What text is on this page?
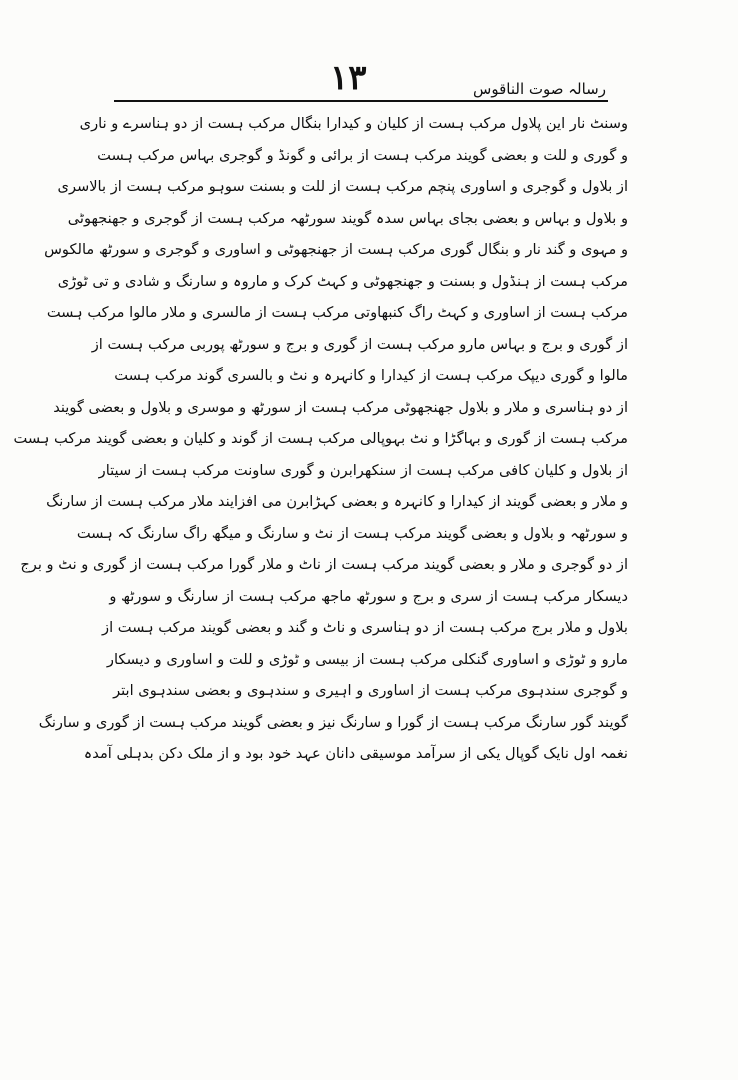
۱۳	رسالہ صوت الناقوس
وسنٹ نار این پلاول مرکب ہست از کلیان و کیدارا بنگال مرکب ہست از دو ہناسرے و ناری
و گوری و للت و بعضی گویند مرکب ہست از برائی و گونڈ و گوجری بہاس مرکب ہست
از بلاول و گوجری و اساوری پنچم مرکب ہست از للت و بسنت سوہو مرکب ہست از بالاسری
و بلاول و بہاس و بعضی بجای بہاس سدہ گویند سورٹھہ مرکب ہست از گوجری و جھنجھوٹی
و مہوی و گند نار و بنگال گوری مرکب ہست از جھنجھوٹی و اساوری و گوجری و سورٹھ مالکوس
مرکب ہست از ہنڈول و بسنت و جھنجھوٹی و کہٹ کرک و ماروہ و سارنگ و شادی و تی ٹوڑی
مرکب ہست از اساوری و کہٹ راگ کنبھاوتی مرکب ہست از مالسری و ملار مالوا مرکب ہست
از گوری و برج و بہاس مارو مرکب ہست از گوری و برج و سورٹھ پوربی مرکب ہست از
مالوا و گوری دیپک مرکب ہست از کیدارا و کانہرہ و نٹ و بالسری گوند مرکب ہست
از دو ہناسری و ملار و بلاول جھنجھوٹی مرکب ہست از سورٹھ و موسری و بلاول و بعضی گویند
مرکب ہست از گوری و بہاگڑا و نٹ بہوپالی مرکب ہست از گوند و کلیان و بعضی گویند مرکب ہست
از بلاول و کلیان کافی مرکب ہست از سنکھرابرن و گوری ساونت مرکب ہست از سیتار
و ملار و بعضی گویند از کیدارا و کانہرہ و بعضی کہڑابرن می افزایند ملار مرکب ہست از سارنگ
و سورٹھہ و بلاول و بعضی گویند مرکب ہست از نٹ و سارنگ و میگھ راگ سارنگ کہ ہست
از دو گوجری و ملار و بعضی گویند مرکب ہست از ناٹ و ملار گورا مرکب ہست از گوری و نٹ و برج
دیسکار مرکب ہست از سری و برج و سورٹھ ماجھ مرکب ہست از سارنگ و سورٹھ و
بلاول و ملار برج مرکب ہست از دو ہناسری و ناٹ و گند و بعضی گویند مرکب ہست از
مارو و ٹوڑی و اساوری گنکلی مرکب ہست از بیسی و ٹوڑی و للت و اساوری و دیسکار
و گوجری سندہوی مرکب ہست از اساوری و اہیری و سندہوی و بعضی سندہوی ابتر
گویند گور سارنگ مرکب ہست از گورا و سارنگ نیز و بعضی گویند مرکب ہست از گوری و سارنگ
نغمہ اول نایک گوپال یکی از سرآمد موسیقی دانان عہد خود بود و از ملک دکن بدہلی آمدہ
